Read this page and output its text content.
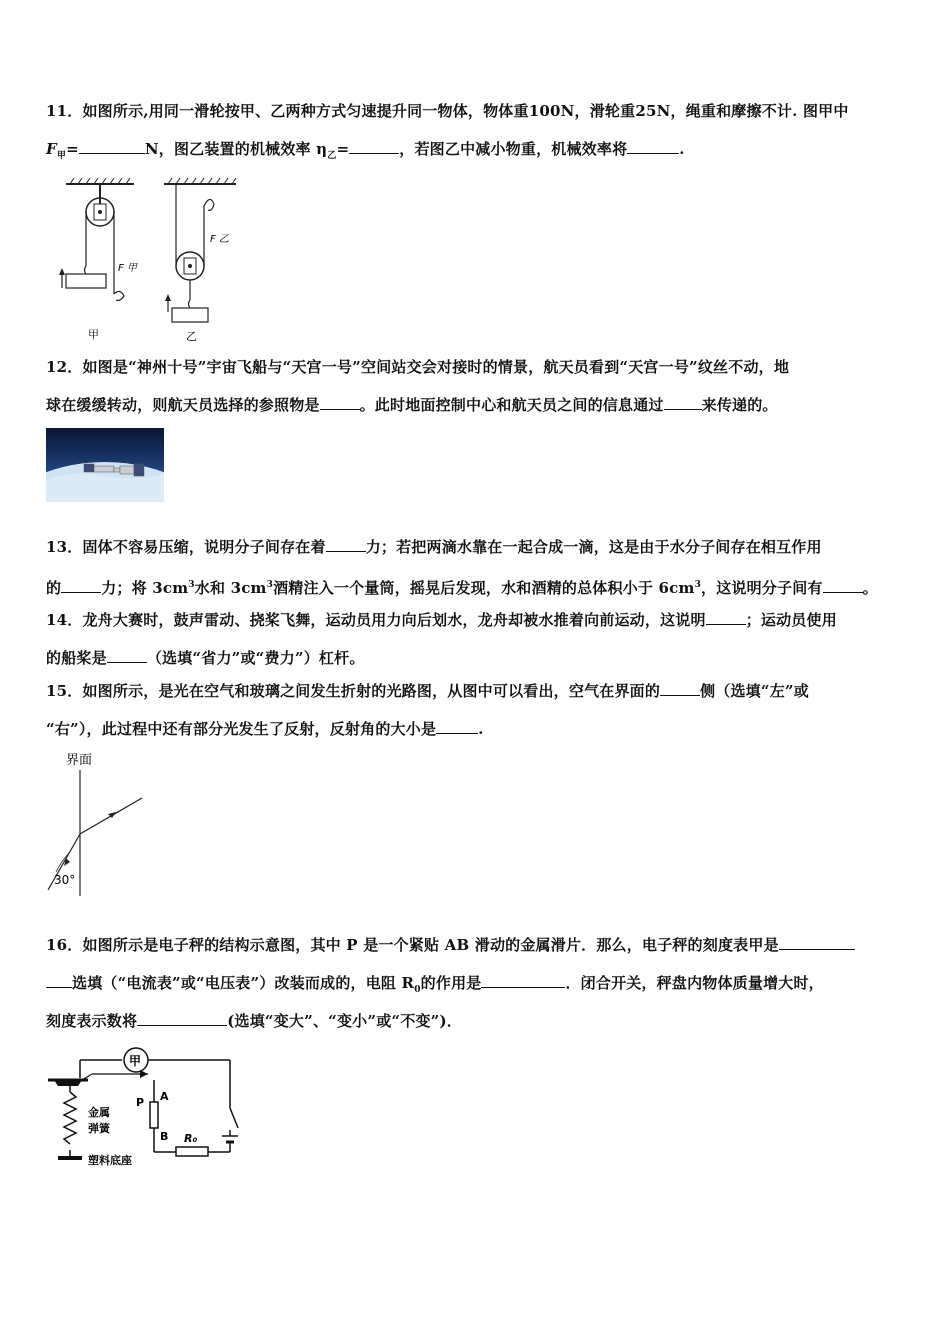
11．如图所示,用同一滑轮按甲、乙两种方式匀速提升同一物体，物体重100N，滑轮重25N，绳重和摩擦不计. 图甲中
$F_甲=$	N，图乙装置的机械效率 $\eta_乙=$	，若图乙中减小物重，机械效率将	.
F 甲
甲	乙
F 乙
12．如图是“神州十号”宇宙飞船与“天宫一号”空间站交会对接时的情景，航天员看到“天宫一号”纹丝不动，地
球在缓缓转动，则航天员选择的参照物是	。此时地面控制中心和航天员之间的信息通过	来传递的。
13．固体不容易压缩，说明分子间存在着	力；若把两滴水靠在一起合成一滴，这是由于水分子间存在相互作用
的	力；将 $3cm^3$水和 $3cm^3$酒精注入一个量筒，摇晃后发现，水和酒精的总体积小于 $6cm^3$，这说明分子间有	。
14．龙舟大赛时，鼓声雷动、挠桨飞舞，运动员用力向后划水，龙舟却被水推着向前运动，这说明	；运动员使用
的船桨是	（选填“省力”或“费力”）杠杆。
15．如图所示，是光在空气和玻璃之间发生折射的光路图，从图中可以看出，空气在界面的	侧（选填“左”或
“右”），此过程中还有部分光发生了反射，反射角的大小是	.
界面
30°
16．如图所示是电子秤的结构示意图，其中 P 是一个紧贴 AB 滑动的金属滑片．那么，电子秤的刻度表甲是
选填（“电流表”或“电压表”）改装而成的，电阻 $R_0$的作用是	．闭合开关，秤盘内物体质量增大时，
刻度表示数将	(选填“变大”、“变小”或“不变”)．
金属
弹簧
塑料底座
甲
R₀
A
B
P
